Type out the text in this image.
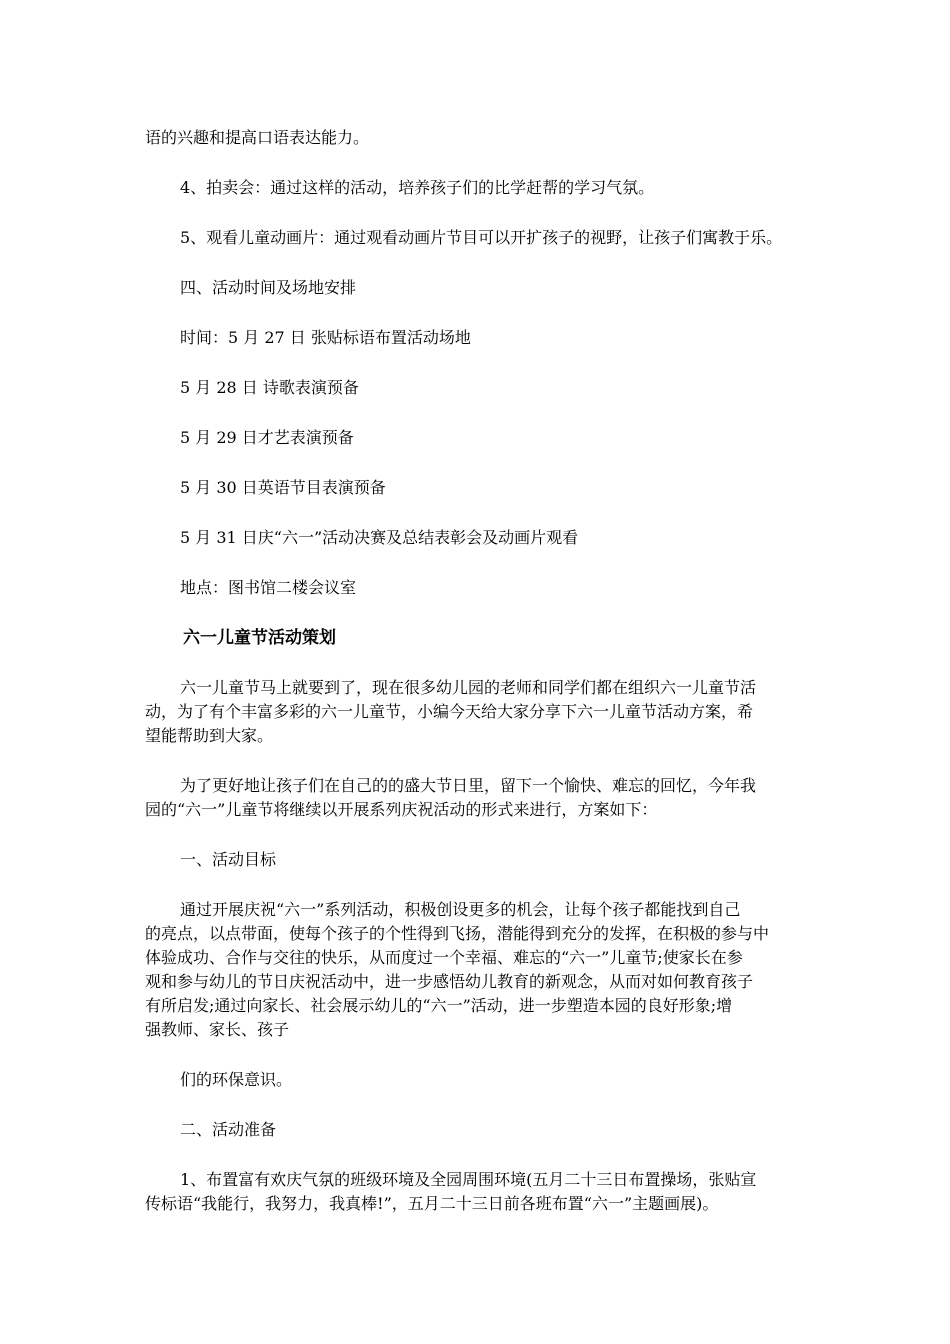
语的兴趣和提高口语表达能力。
4、拍卖会：通过这样的活动，培养孩子们的比学赶帮的学习气氛。
5、观看儿童动画片：通过观看动画片节目可以开扩孩子的视野，让孩子们寓教于乐。
四、活动时间及场地安排
时间：5 月 27 日 张贴标语布置活动场地
5 月 28 日 诗歌表演预备
5 月 29 日才艺表演预备
5 月 30 日英语节目表演预备
5 月 31 日庆“六一”活动决赛及总结表彰会及动画片观看
地点：图书馆二楼会议室
六一儿童节活动策划
六一儿童节马上就要到了，现在很多幼儿园的老师和同学们都在组织六一儿童节活
动，为了有个丰富多彩的六一儿童节，小编今天给大家分享下六一儿童节活动方案，希
望能帮助到大家。
为了更好地让孩子们在自己的的盛大节日里，留下一个愉快、难忘的回忆，今年我
园的“六一”儿童节将继续以开展系列庆祝活动的形式来进行，方案如下：
一、活动目标
通过开展庆祝“六一”系列活动，积极创设更多的机会，让每个孩子都能找到自己
的亮点，以点带面，使每个孩子的个性得到飞扬，潜能得到充分的发挥，在积极的参与中
体验成功、合作与交往的快乐，从而度过一个幸福、难忘的“六一”儿童节;使家长在参
观和参与幼儿的节日庆祝活动中，进一步感悟幼儿教育的新观念，从而对如何教育孩子
有所启发;通过向家长、社会展示幼儿的“六一”活动，进一步塑造本园的良好形象;增
强教师、家长、孩子
们的环保意识。
二、活动准备
1、布置富有欢庆气氛的班级环境及全园周围环境(五月二十三日布置操场，张贴宣
传标语“我能行，我努力，我真棒!”，五月二十三日前各班布置“六一”主题画展)。
